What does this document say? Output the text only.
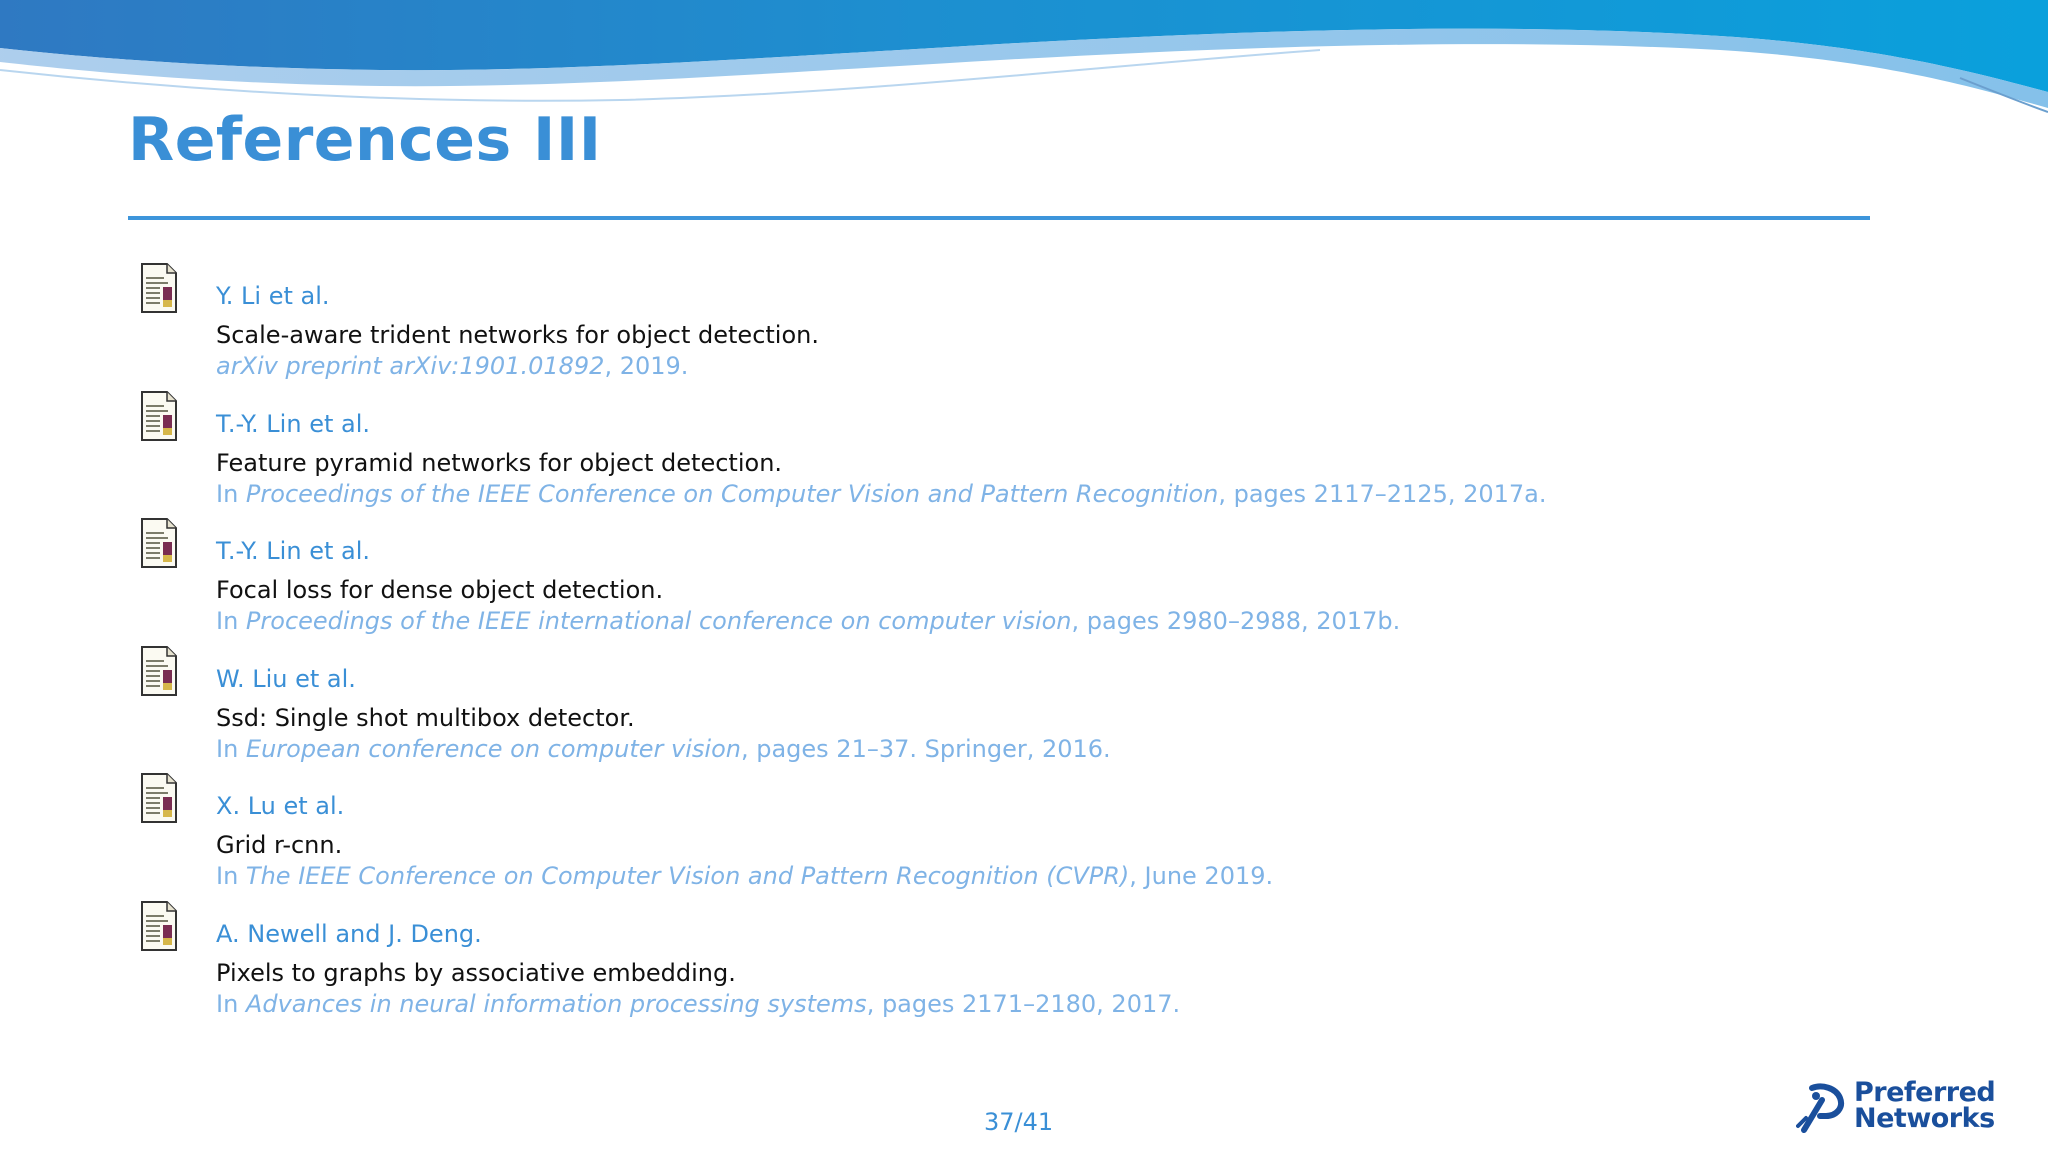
References III
Y. Li et al.
Scale-aware trident networks for object detection.
arXiv preprint arXiv:1901.01892, 2019.
T.-Y. Lin et al.
Feature pyramid networks for object detection.
In Proceedings of the IEEE Conference on Computer Vision and Pattern Recognition, pages 2117–2125, 2017a.
T.-Y. Lin et al.
Focal loss for dense object detection.
In Proceedings of the IEEE international conference on computer vision, pages 2980–2988, 2017b.
W. Liu et al.
Ssd: Single shot multibox detector.
In European conference on computer vision, pages 21–37. Springer, 2016.
X. Lu et al.
Grid r-cnn.
In The IEEE Conference on Computer Vision and Pattern Recognition (CVPR), June 2019.
A. Newell and J. Deng.
Pixels to graphs by associative embedding.
In Advances in neural information processing systems, pages 2171–2180, 2017.
37/41
Preferred
Networks
